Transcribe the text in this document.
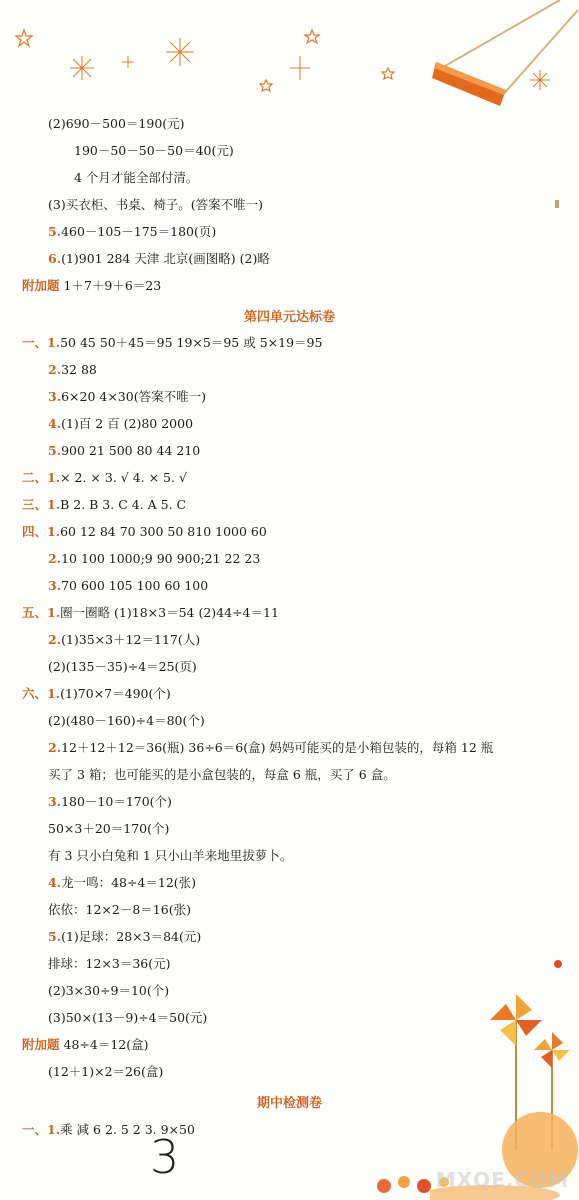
(2)690－500＝190(元)
190－50－50－50＝40(元)
4 个月才能全部付清。
(3)买衣柜、书桌、椅子。(答案不唯一)
5.460－105－175＝180(页)
6.(1)901 284 天津 北京(画图略) (2)略
附加题 1＋7＋9＋6＝23
一、1.50 45 50＋45＝95 19×5＝95 或 5×19＝95
2.32 88
3.6×20 4×30(答案不唯一)
4.(1)百 2 百 (2)80 2000
5.900 21 500 80 44 210
二、1.× 2. × 3. √ 4. × 5. √
三、1.B 2. B 3. C 4. A 5. C
四、1.60 12 84 70 300 50 810 1000 60
2.10 100 1000;9 90 900;21 22 23
3.70 600 105 100 60 100
五、1.圈一圈略 (1)18×3＝54 (2)44÷4＝11
2.(1)35×3＋12＝117(人)
(2)(135－35)÷4＝25(页)
六、1.(1)70×7＝490(个)
(2)(480－160)÷4＝80(个)
2.12＋12＋12＝36(瓶) 36÷6＝6(盒) 妈妈可能买的是小箱包装的，每箱 12 瓶
买了 3 箱；也可能买的是小盒包装的，每盒 6 瓶，买了 6 盒。
3.180－10＝170(个)
50×3＋20＝170(个)
有 3 只小白兔和 1 只小山羊来地里拔萝卜。
4.龙一鸣：48÷4＝12(张)
依依：12×2－8＝16(张)
5.(1)足球：28×3＝84(元)
排球：12×3＝36(元)
(2)3×30÷9＝10(个)
(3)50×(13－9)÷4＝50(元)
附加题 48÷4＝12(盒)
(12＋1)×2＝26(盒)
一、1.乘 减 6 2. 5 2 3. 9×50
第四单元达标卷
期中检测卷
3	MXQE.COM
